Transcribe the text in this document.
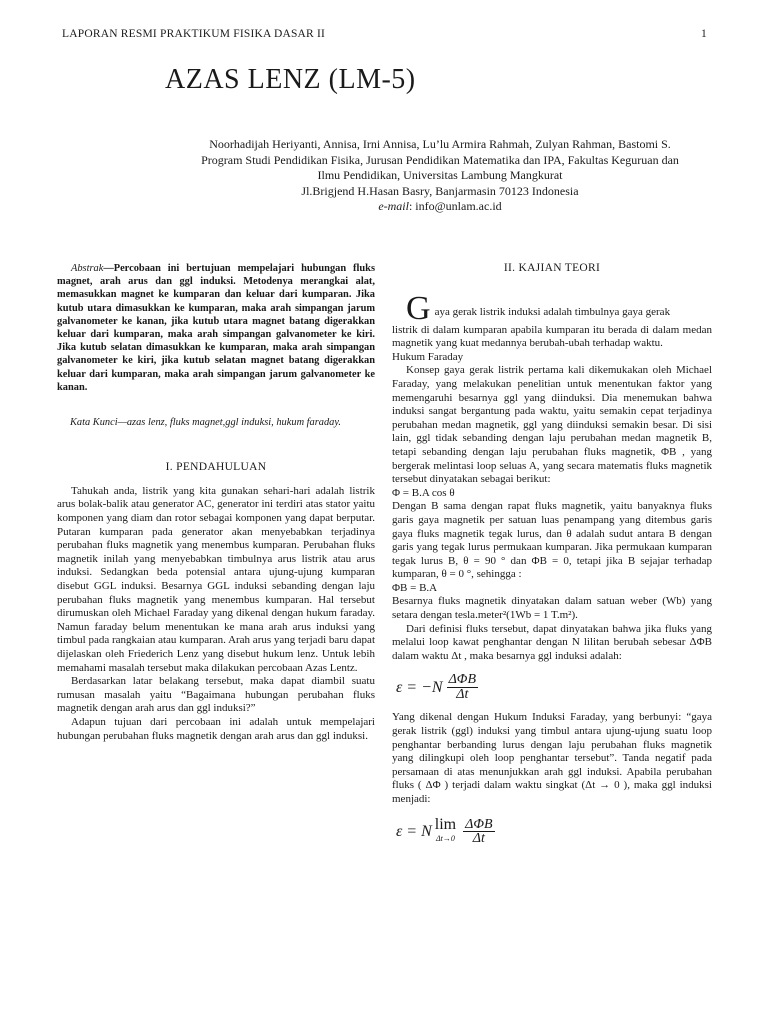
LAPORAN RESMI PRAKTIKUM FISIKA DASAR II	1
AZAS LENZ (LM-5)
Noorhadijah Heriyanti, Annisa, Irni Annisa, Lu’lu Armira Rahmah, Zulyan Rahman, Bastomi S.
Program Studi Pendidikan Fisika, Jurusan Pendidikan Matematika dan IPA, Fakultas Keguruan dan
Ilmu Pendidikan, Universitas Lambung Mangkurat
Jl.Brigjend H.Hasan Basry, Banjarmasin 70123 Indonesia
e-mail: info@unlam.ac.id

Abstrak—Percobaan ini bertujuan mempelajari hubungan fluks magnet, arah arus dan ggl induksi. Metodenya merangkai alat, memasukkan magnet ke kumparan dan keluar dari kumparan. Jika kutub utara dimasukkan ke kumparan, maka arah simpangan jarum galvanometer ke kanan, jika kutub utara magnet batang digerakkan keluar dari kumparan, maka arah simpangan galvanometer ke kiri. Jika kutub selatan dimasukkan ke kumparan, maka arah simpangan galvanometer ke kiri, jika kutub selatan magnet batang digerakkan keluar dari kumparan, maka arah simpangan jarum galvanometer ke kanan.

Kata Kunci—azas lenz, fluks magnet,ggl induksi, hukum faraday.

I. PENDAHULUAN

Tahukah anda, listrik yang kita gunakan sehari-hari adalah listrik arus bolak-balik atau generator AC, generator ini terdiri atas stator yaitu komponen yang diam dan rotor sebagai komponen yang dapat berputar. Putaran kumparan pada generator akan menyebabkan terjadinya perubahan fluks magnetik yang menembus kumparan. Perubahan fluks magnetik inilah yang menyebabkan timbulnya arus listrik atau arus induksi. Sedangkan beda potensial antara ujung-ujung kumparan disebut GGL induksi. Besarnya GGL induksi sebanding dengan laju perubahan fluks magnetik yang menembus kumparan. Hal tersebut dirumuskan oleh Michael Faraday yang dikenal dengan hukum faraday. Namun faraday belum menentukan ke mana arah arus induksi yang timbul pada rangkaian atau kumparan. Arah arus yang terjadi baru dapat dijelaskan oleh Friederich Lenz yang disebut hukum lenz. Untuk lebih memahami masalah tersebut maka dilakukan percobaan Azas Lentz.

Berdasarkan latar belakang tersebut, maka dapat diambil suatu rumusan masalah yaitu “Bagaimana hubungan perubahan fluks magnetik dengan arah arus dan ggl induksi?”

Adapun tujuan dari percobaan ini adalah untuk mempelajari hubungan perubahan fluks magnetik dengan arah arus dan ggl induksi.

II. KAJIAN TEORI

G aya gerak listrik induksi adalah timbulnya gaya gerak
listrik di dalam kumparan apabila kumparan itu berada di dalam medan magnetik yang kuat medannya berubah-ubah terhadap waktu.

Hukum Faraday

Konsep gaya gerak listrik pertama kali dikemukakan oleh Michael Faraday, yang melakukan penelitian untuk menentukan faktor yang memengaruhi besarnya ggl yang diinduksi. Dia menemukan bahwa induksi sangat bergantung pada waktu, yaitu semakin cepat terjadinya perubahan medan magnetik, ggl yang diinduksi semakin besar. Di sisi lain, ggl tidak sebanding dengan laju perubahan medan magnetik B, tetapi sebanding dengan laju perubahan fluks magnetik, ΦB , yang bergerak melintasi loop seluas A, yang secara matematis fluks magnetik tersebut dinyatakan sebagai berikut:

Φ = B.A cos θ

Dengan B sama dengan rapat fluks magnetik, yaitu banyaknya fluks garis gaya magnetik per satuan luas penampang yang ditembus garis gaya fluks magnetik tegak lurus, dan θ adalah sudut antara B dengan garis yang tegak lurus permukaan kumparan. Jika permukaan kumparan tegak lurus B, θ = 90 ° dan ΦB = 0, tetapi jika B sejajar terhadap kumparan, θ = 0 °, sehingga :

ΦB = B.A

Besarnya fluks magnetik dinyatakan dalam satuan weber (Wb) yang setara dengan tesla.meter²(1Wb = 1 T.m²).

Dari definisi fluks tersebut, dapat dinyatakan bahwa jika fluks yang melalui loop kawat penghantar dengan N lilitan berubah sebesar ΔΦB dalam waktu Δt , maka besarnya ggl induksi adalah:

$\varepsilon = -N \frac{\text{ΔΦB}}{\Delta t}$

Yang dikenal dengan Hukum Induksi Faraday, yang berbunyi: “gaya gerak listrik (ggl) induksi yang timbul antara ujung-ujung suatu loop penghantar berbanding lurus dengan laju perubahan fluks magnetik yang dilingkupi oleh loop penghantar tersebut”. Tanda negatif pada persamaan di atas menunjukkan arah ggl induksi. Apabila perubahan fluks ( ΔΦ ) terjadi dalam waktu singkat (Δt → 0 ), maka ggl induksi menjadi:

ε = N lim
$\Delta t\to 0 \frac{\text{ΔΦB}}{\Delta t}$
